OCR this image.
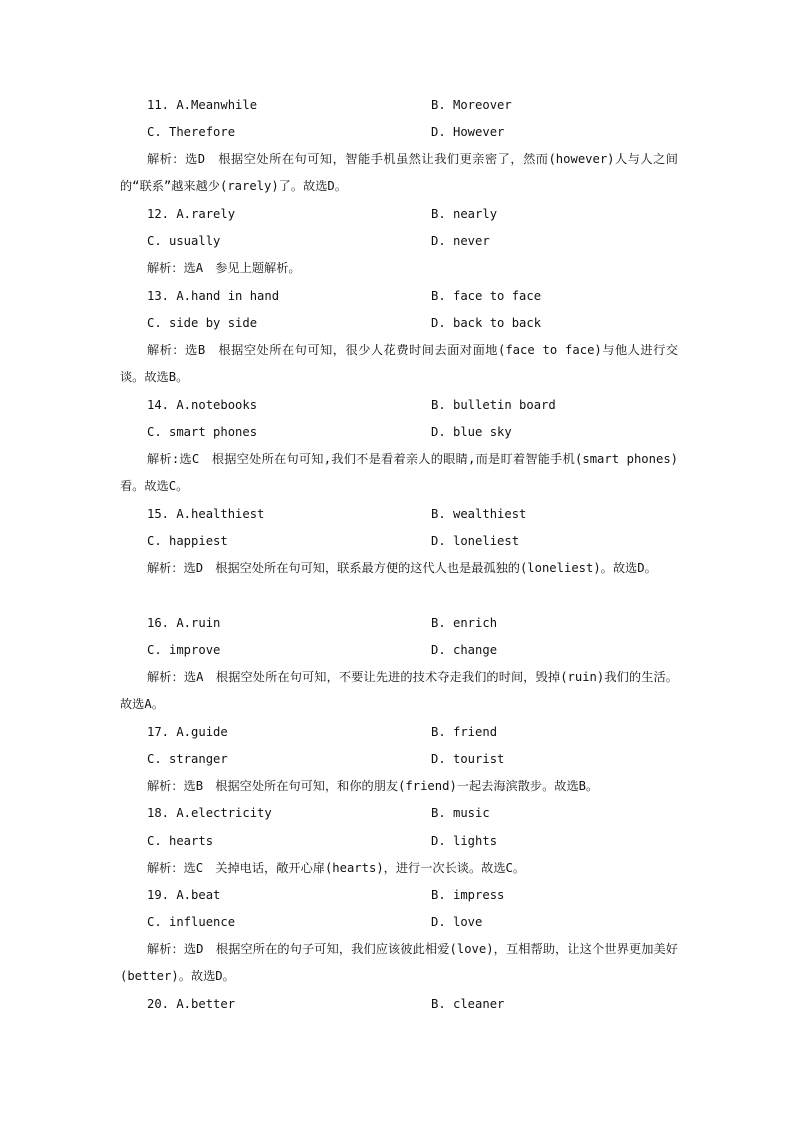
11. A.Meanwhile	B. Moreover
C. Therefore	D. However

解析：选D　根据空处所在句可知，智能手机虽然让我们更亲密了，然而(however)人与人之间的“联系”越来越少(rarely)了。故选D。

12. A.rarely	B. nearly
C. usually	D. never

解析：选A　参见上题解析。

13. A.hand in hand	B. face to face
C. side by side	D. back to back

解析：选B　根据空处所在句可知，很少人花费时间去面对面地(face to face)与他人进行交谈。故选B。

14. A.notebooks	B. bulletin board
C. smart phones	D. blue sky

解析:选C　根据空处所在句可知,我们不是看着亲人的眼睛,而是盯着智能手机(smart phones)看。故选C。

15. A.healthiest	B. wealthiest
C. happiest	D. loneliest

解析：选D　根据空处所在句可知，联系最方便的这代人也是最孤独的(loneliest)。故选D。

16. A.ruin	B. enrich
C. improve	D. change

解析：选A　根据空处所在句可知，不要让先进的技术夺走我们的时间，毁掉(ruin)我们的生活。故选A。

17. A.guide	B. friend
C. stranger	D. tourist

解析：选B　根据空处所在句可知，和你的朋友(friend)一起去海滨散步。故选B。

18. A.electricity	B. music
C. hearts	D. lights

解析：选C　关掉电话，敞开心扉(hearts)，进行一次长谈。故选C。

19. A.beat	B. impress
C. influence	D. love

解析：选D　根据空所在的句子可知，我们应该彼此相爱(love)，互相帮助，让这个世界更加美好(better)。故选D。

20. A.better	B. cleaner
